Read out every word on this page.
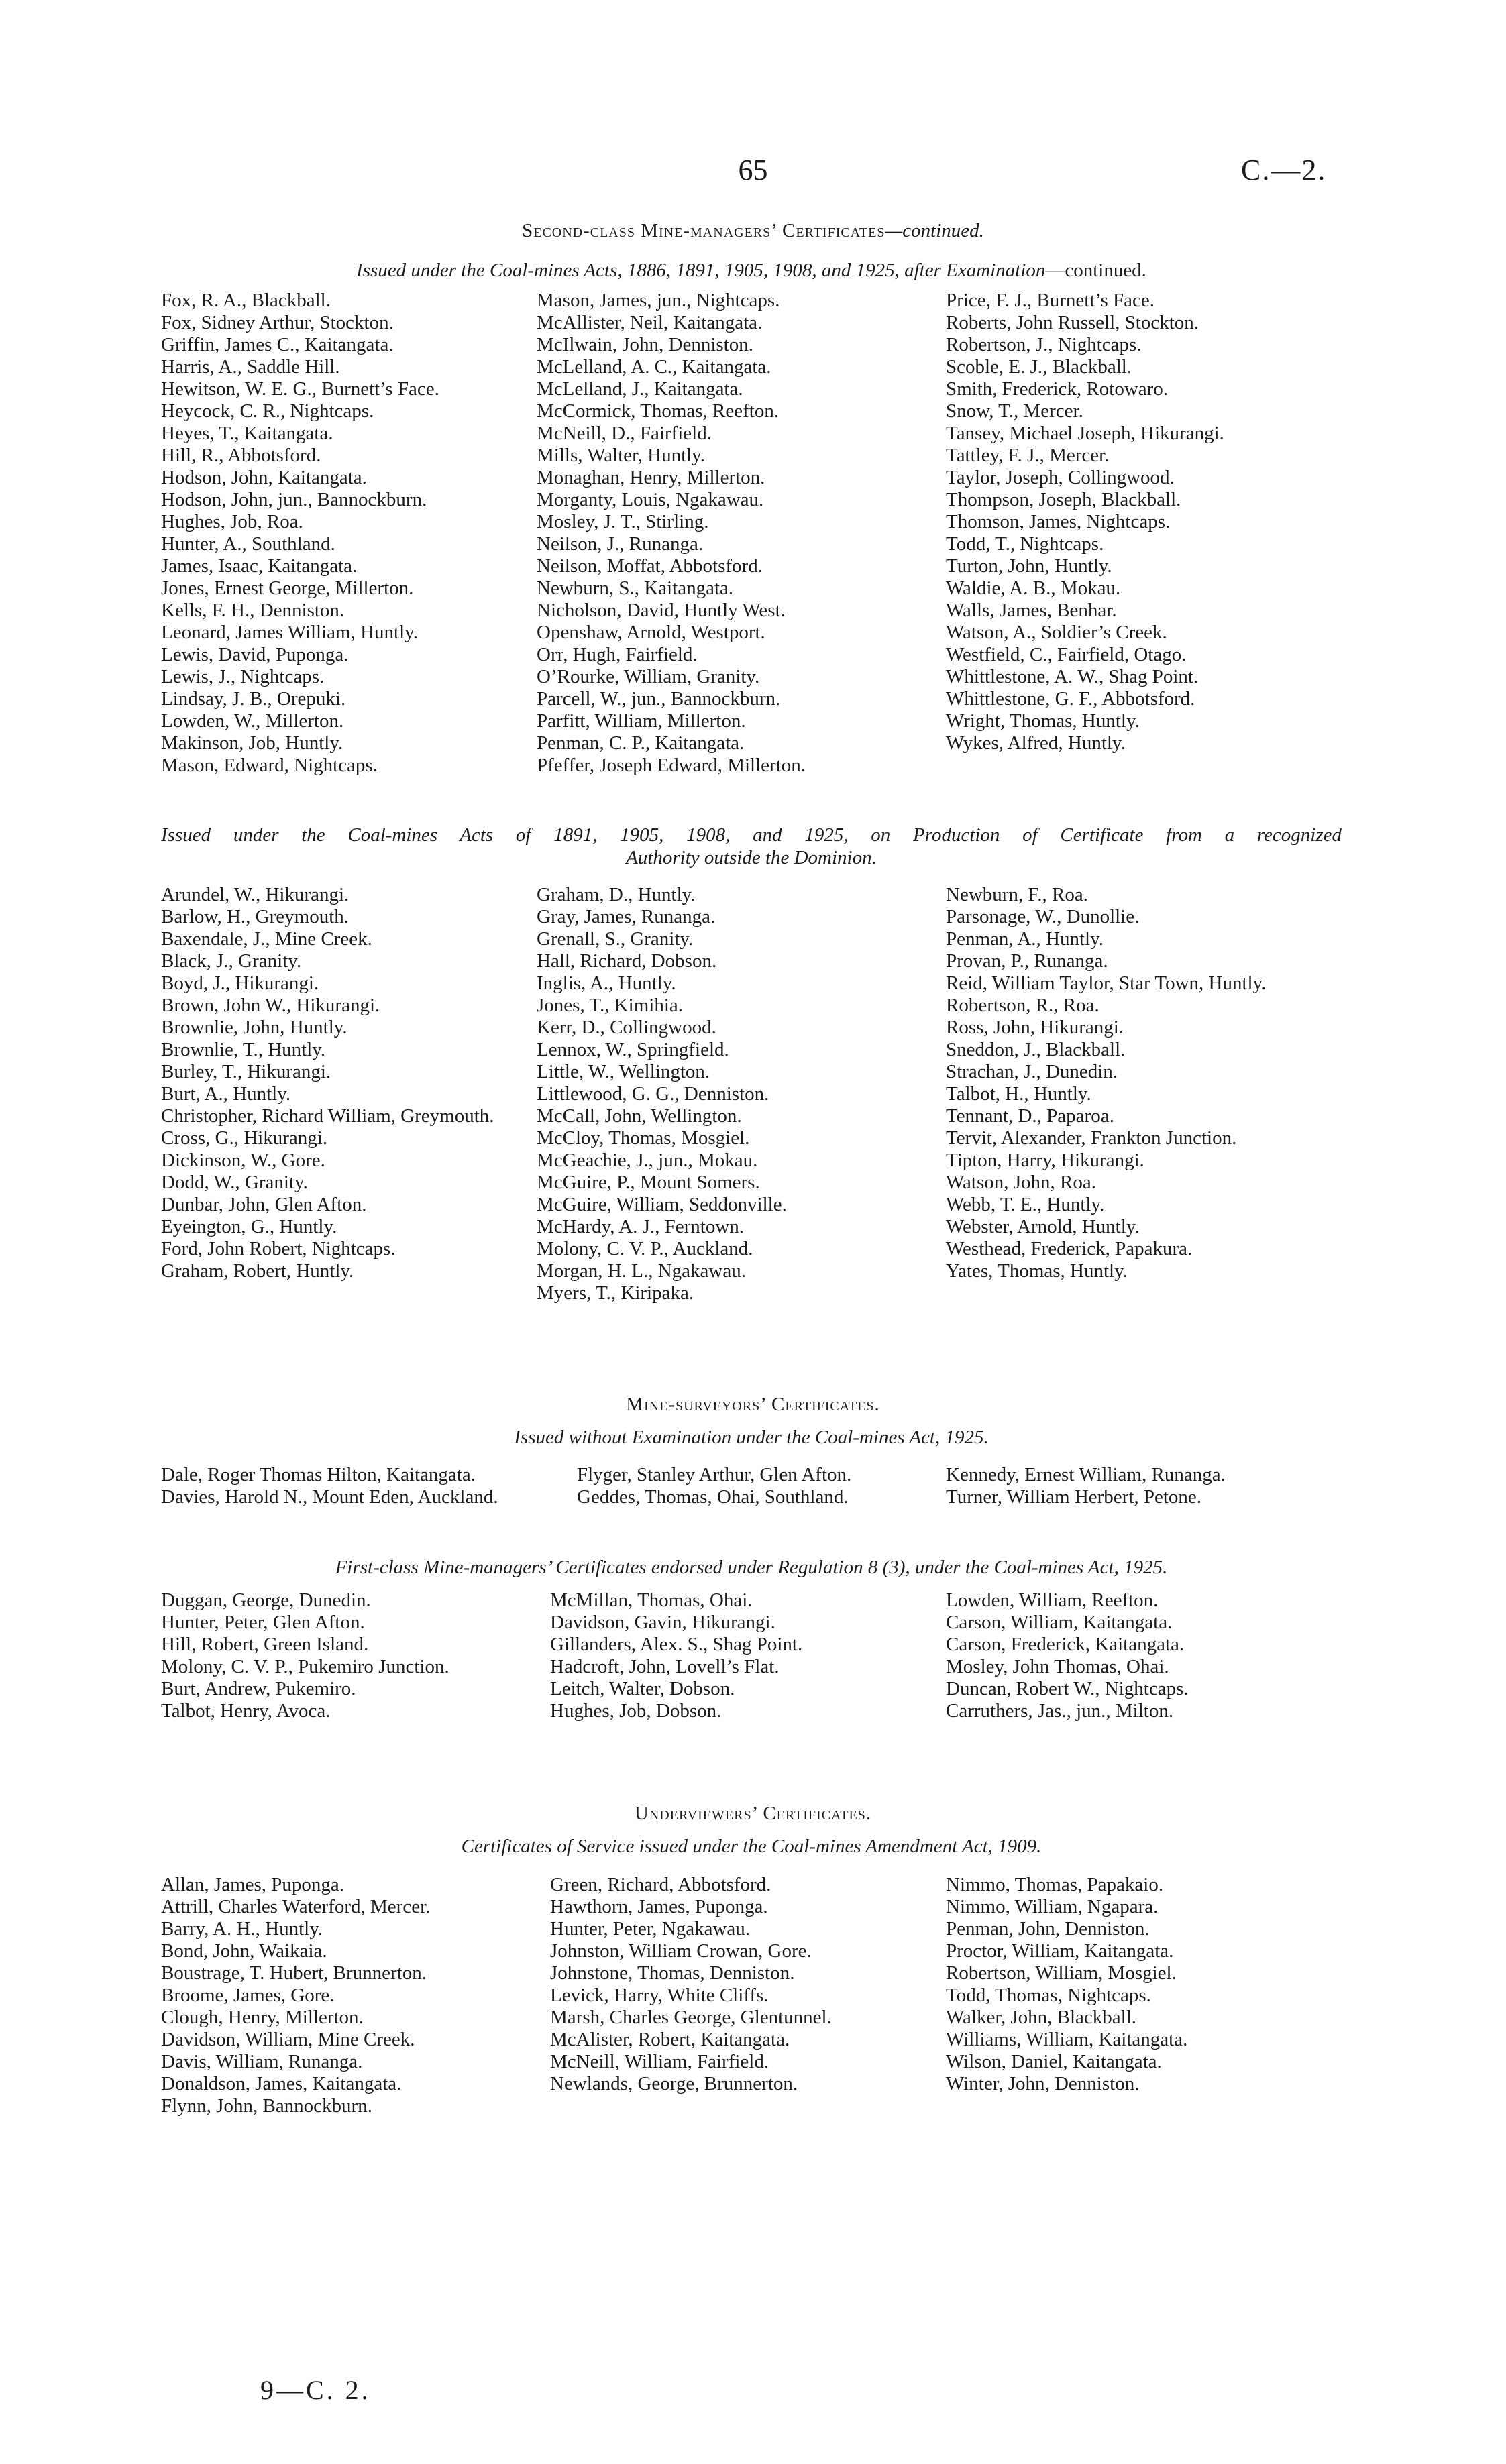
65	C.—2.
Second-class Mine-managers’ Certificates—continued.
Issued under the Coal-mines Acts, 1886, 1891, 1905, 1908, and 1925, after Examination—continued.
Fox, R. A., Blackball.
Fox, Sidney Arthur, Stockton.
Griffin, James C., Kaitangata.
Harris, A., Saddle Hill.
Hewitson, W. E. G., Burnett’s Face.
Heycock, C. R., Nightcaps.
Heyes, T., Kaitangata.
Hill, R., Abbotsford.
Hodson, John, Kaitangata.
Hodson, John, jun., Bannockburn.
Hughes, Job, Roa.
Hunter, A., Southland.
James, Isaac, Kaitangata.
Jones, Ernest George, Millerton.
Kells, F. H., Denniston.
Leonard, James William, Huntly.
Lewis, David, Puponga.
Lewis, J., Nightcaps.
Lindsay, J. B., Orepuki.
Lowden, W., Millerton.
Makinson, Job, Huntly.
Mason, Edward, Nightcaps.
Mason, James, jun., Nightcaps.
McAllister, Neil, Kaitangata.
McIlwain, John, Denniston.
McLelland, A. C., Kaitangata.
McLelland, J., Kaitangata.
McCormick, Thomas, Reefton.
McNeill, D., Fairfield.
Mills, Walter, Huntly.
Monaghan, Henry, Millerton.
Morganty, Louis, Ngakawau.
Mosley, J. T., Stirling.
Neilson, J., Runanga.
Neilson, Moffat, Abbotsford.
Newburn, S., Kaitangata.
Nicholson, David, Huntly West.
Openshaw, Arnold, Westport.
Orr, Hugh, Fairfield.
O’Rourke, William, Granity.
Parcell, W., jun., Bannockburn.
Parfitt, William, Millerton.
Penman, C. P., Kaitangata.
Pfeffer, Joseph Edward, Millerton.
Price, F. J., Burnett’s Face.
Roberts, John Russell, Stockton.
Robertson, J., Nightcaps.
Scoble, E. J., Blackball.
Smith, Frederick, Rotowaro.
Snow, T., Mercer.
Tansey, Michael Joseph, Hikurangi.
Tattley, F. J., Mercer.
Taylor, Joseph, Collingwood.
Thompson, Joseph, Blackball.
Thomson, James, Nightcaps.
Todd, T., Nightcaps.
Turton, John, Huntly.
Waldie, A. B., Mokau.
Walls, James, Benhar.
Watson, A., Soldier’s Creek.
Westfield, C., Fairfield, Otago.
Whittlestone, A. W., Shag Point.
Whittlestone, G. F., Abbotsford.
Wright, Thomas, Huntly.
Wykes, Alfred, Huntly.
Issued under the Coal-mines Acts of 1891, 1905, 1908, and 1925, on Production of Certificate from a recognized
Authority outside the Dominion.
Arundel, W., Hikurangi.
Barlow, H., Greymouth.
Baxendale, J., Mine Creek.
Black, J., Granity.
Boyd, J., Hikurangi.
Brown, John W., Hikurangi.
Brownlie, John, Huntly.
Brownlie, T., Huntly.
Burley, T., Hikurangi.
Burt, A., Huntly.
Christopher, Richard William, Greymouth.
Cross, G., Hikurangi.
Dickinson, W., Gore.
Dodd, W., Granity.
Dunbar, John, Glen Afton.
Eyeington, G., Huntly.
Ford, John Robert, Nightcaps.
Graham, Robert, Huntly.
Graham, D., Huntly.
Gray, James, Runanga.
Grenall, S., Granity.
Hall, Richard, Dobson.
Inglis, A., Huntly.
Jones, T., Kimihia.
Kerr, D., Collingwood.
Lennox, W., Springfield.
Little, W., Wellington.
Littlewood, G. G., Denniston.
McCall, John, Wellington.
McCloy, Thomas, Mosgiel.
McGeachie, J., jun., Mokau.
McGuire, P., Mount Somers.
McGuire, William, Seddonville.
McHardy, A. J., Ferntown.
Molony, C. V. P., Auckland.
Morgan, H. L., Ngakawau.
Myers, T., Kiripaka.
Newburn, F., Roa.
Parsonage, W., Dunollie.
Penman, A., Huntly.
Provan, P., Runanga.
Reid, William Taylor, Star Town, Huntly.
Robertson, R., Roa.
Ross, John, Hikurangi.
Sneddon, J., Blackball.
Strachan, J., Dunedin.
Talbot, H., Huntly.
Tennant, D., Paparoa.
Tervit, Alexander, Frankton Junction.
Tipton, Harry, Hikurangi.
Watson, John, Roa.
Webb, T. E., Huntly.
Webster, Arnold, Huntly.
Westhead, Frederick, Papakura.
Yates, Thomas, Huntly.
Mine-surveyors’ Certificates.
Issued without Examination under the Coal-mines Act, 1925.
Dale, Roger Thomas Hilton, Kaitangata.
Davies, Harold N., Mount Eden, Auckland.
Flyger, Stanley Arthur, Glen Afton.
Geddes, Thomas, Ohai, Southland.
Kennedy, Ernest William, Runanga.
Turner, William Herbert, Petone.
First-class Mine-managers’ Certificates endorsed under Regulation 8 (3), under the Coal-mines Act, 1925.
Duggan, George, Dunedin.
Hunter, Peter, Glen Afton.
Hill, Robert, Green Island.
Molony, C. V. P., Pukemiro Junction.
Burt, Andrew, Pukemiro.
Talbot, Henry, Avoca.
McMillan, Thomas, Ohai.
Davidson, Gavin, Hikurangi.
Gillanders, Alex. S., Shag Point.
Hadcroft, John, Lovell’s Flat.
Leitch, Walter, Dobson.
Hughes, Job, Dobson.
Lowden, William, Reefton.
Carson, William, Kaitangata.
Carson, Frederick, Kaitangata.
Mosley, John Thomas, Ohai.
Duncan, Robert W., Nightcaps.
Carruthers, Jas., jun., Milton.
Underviewers’ Certificates.
Certificates of Service issued under the Coal-mines Amendment Act, 1909.
Allan, James, Puponga.
Attrill, Charles Waterford, Mercer.
Barry, A. H., Huntly.
Bond, John, Waikaia.
Boustrage, T. Hubert, Brunnerton.
Broome, James, Gore.
Clough, Henry, Millerton.
Davidson, William, Mine Creek.
Davis, William, Runanga.
Donaldson, James, Kaitangata.
Flynn, John, Bannockburn.
Green, Richard, Abbotsford.
Hawthorn, James, Puponga.
Hunter, Peter, Ngakawau.
Johnston, William Crowan, Gore.
Johnstone, Thomas, Denniston.
Levick, Harry, White Cliffs.
Marsh, Charles George, Glentunnel.
McAlister, Robert, Kaitangata.
McNeill, William, Fairfield.
Newlands, George, Brunnerton.
Nimmo, Thomas, Papakaio.
Nimmo, William, Ngapara.
Penman, John, Denniston.
Proctor, William, Kaitangata.
Robertson, William, Mosgiel.
Todd, Thomas, Nightcaps.
Walker, John, Blackball.
Williams, William, Kaitangata.
Wilson, Daniel, Kaitangata.
Winter, John, Denniston.
9—C. 2.
